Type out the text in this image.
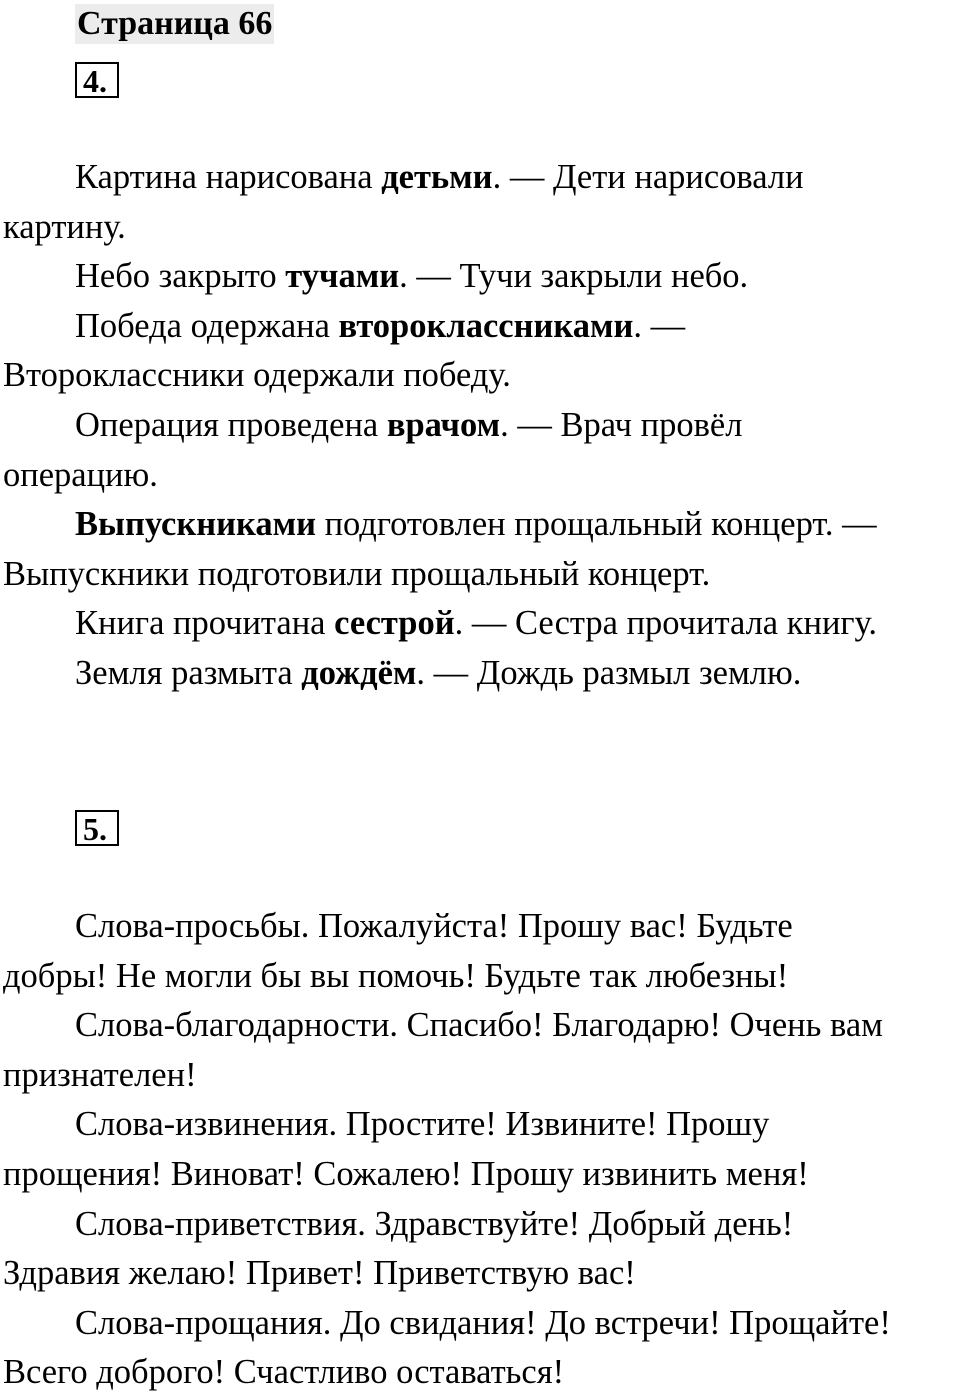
Страница 66
4.

Картина нарисована детьми. — Дети нарисовали
картину.

Небо закрыто тучами. — Тучи закрыли небо.

Победа одержана второклассниками. —
Второклассники одержали победу.

Операция проведена врачом. — Врач провёл
операцию.

Выпускниками подготовлен прощальный концерт. —
Выпускники подготовили прощальный концерт.

Книга прочитана сестрой. — Сестра прочитала книгу.

Земля размыта дождём. — Дождь размыл землю.

5.

Слова-просьбы. Пожалуйста! Прошу вас! Будьте
добры! Не могли бы вы помочь! Будьте так любезны!

Слова-благодарности. Спасибо! Благодарю! Очень вам
признателен!

Слова-извинения. Простите! Извините! Прошу
прощения! Виноват! Сожалею! Прошу извинить меня!

Слова-приветствия. Здравствуйте! Добрый день!
Здравия желаю! Привет! Приветствую вас!

Слова-прощания. До свидания! До встречи! Прощайте!
Всего доброго! Счастливо оставаться!
